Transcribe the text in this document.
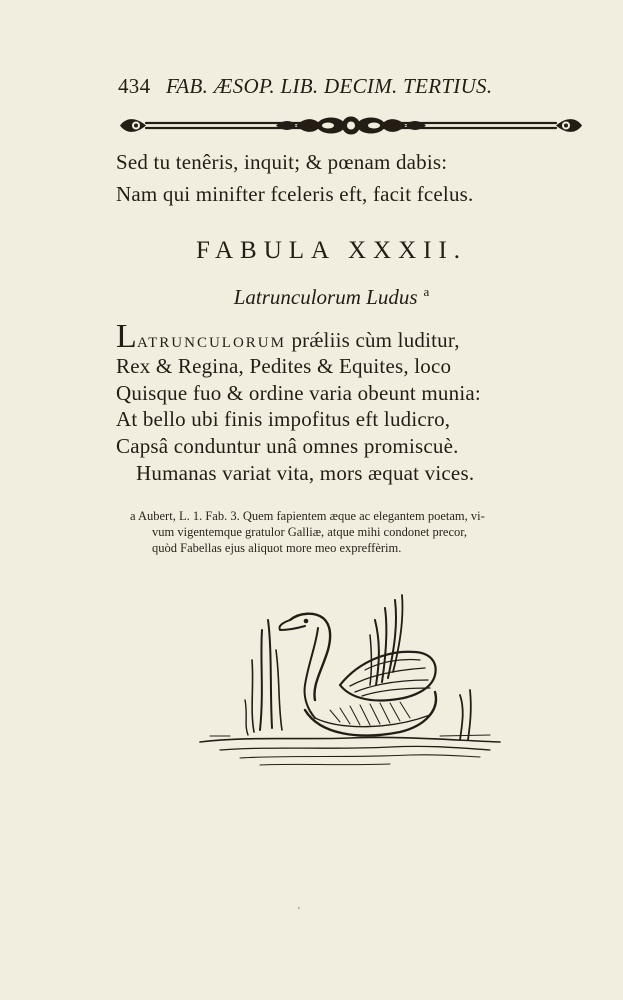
434 FAB. ÆSOP. LIB. DECIM. TERTIUS.
Sed tu tenêris, inquit; & pœnam dabis:
Nam qui minifter fceleris eft, facit fcelus.
FABULA XXXII.
Latrunculorum Ludus $^a$
Latrunculorum prǽliis cùm luditur,
Rex & Regina, Pedites & Equites, loco
Quisque fuo & ordine varia obeunt munia:
At bello ubi finis impofitus eft ludicro,
Capsâ conduntur unâ omnes promiscuè.
Humanas variat vita, mors æquat vices.
a Aubert, L. 1. Fab. 3. Quem fapientem æque ac elegantem poetam, vi-
vum vigentemque gratulor Galliæ, atque mihi condonet precor,
quòd Fabellas ejus aliquot more meo expreffèrim.
'
